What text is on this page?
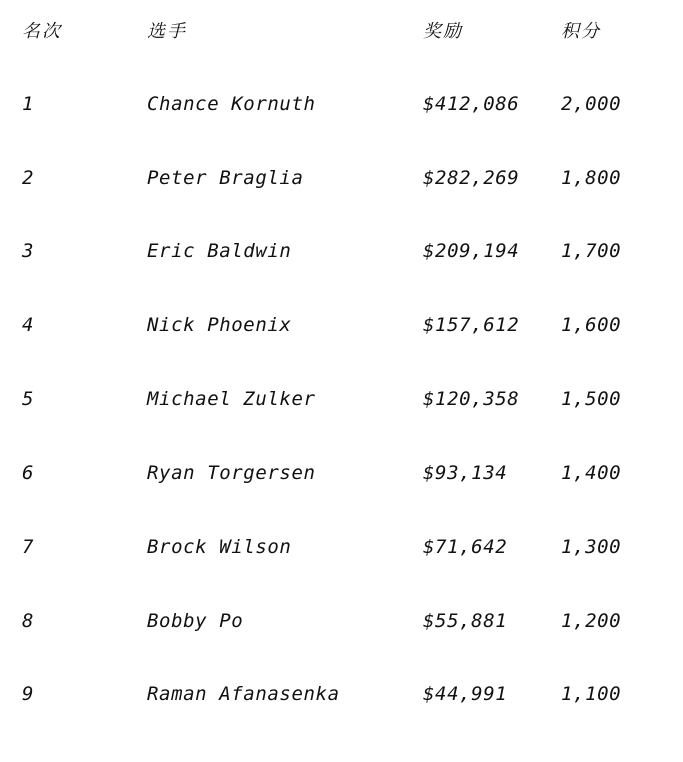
名次	选手	奖励	积分
1	Chance Kornuth	$412,086 2,000
2	Peter Braglia	$282,269 1,800
3	Eric Baldwin	$209,194 1,700
4	Nick Phoenix	$157,612 1,600
5	Michael Zulker	$120,358 1,500
6	Ryan Torgersen	$93,134	1,400
7	Brock Wilson	$71,642	1,300
8	Bobby Po	$55,881	1,200
9	Raman Afanasenka	$44,991	1,100
